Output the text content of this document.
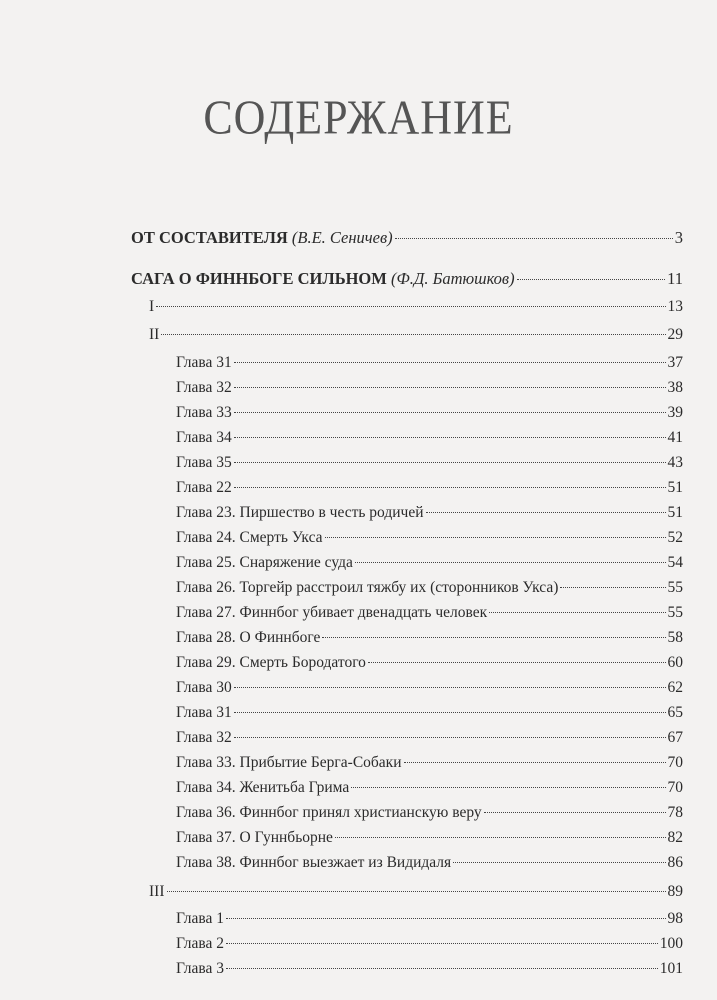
СОДЕРЖАНИЕ
ОТ СОСТАВИТЕЛЯ (В.Е. Сеничев)	3
САГА О ФИННБОГЕ СИЛЬНОМ (Ф.Д. Батюшков)	11
I	13
II	29
Глава 31	37
Глава 32	38
Глава 33	39
Глава 34	41
Глава 35	43
Глава 22	51
Глава 23. Пиршество в честь родичей	51
Глава 24. Смерть Укса	52
Глава 25. Снаряжение суда	54
Глава 26. Торгейр расстроил тяжбу их (сторонников Укса)	55
Глава 27. Финнбог убивает двенадцать человек	55
Глава 28. О Финнбоге	58
Глава 29. Смерть Бородатого	60
Глава 30	62
Глава 31	65
Глава 32	67
Глава 33. Прибытие Берга-Собаки	70
Глава 34. Женитьба Грима	70
Глава 36. Финнбог принял христианскую веру	78
Глава 37. О Гуннбьорне	82
Глава 38. Финнбог выезжает из Видидаля	86
III	89
Глава 1	98
Глава 2	100
Глава 3	101
